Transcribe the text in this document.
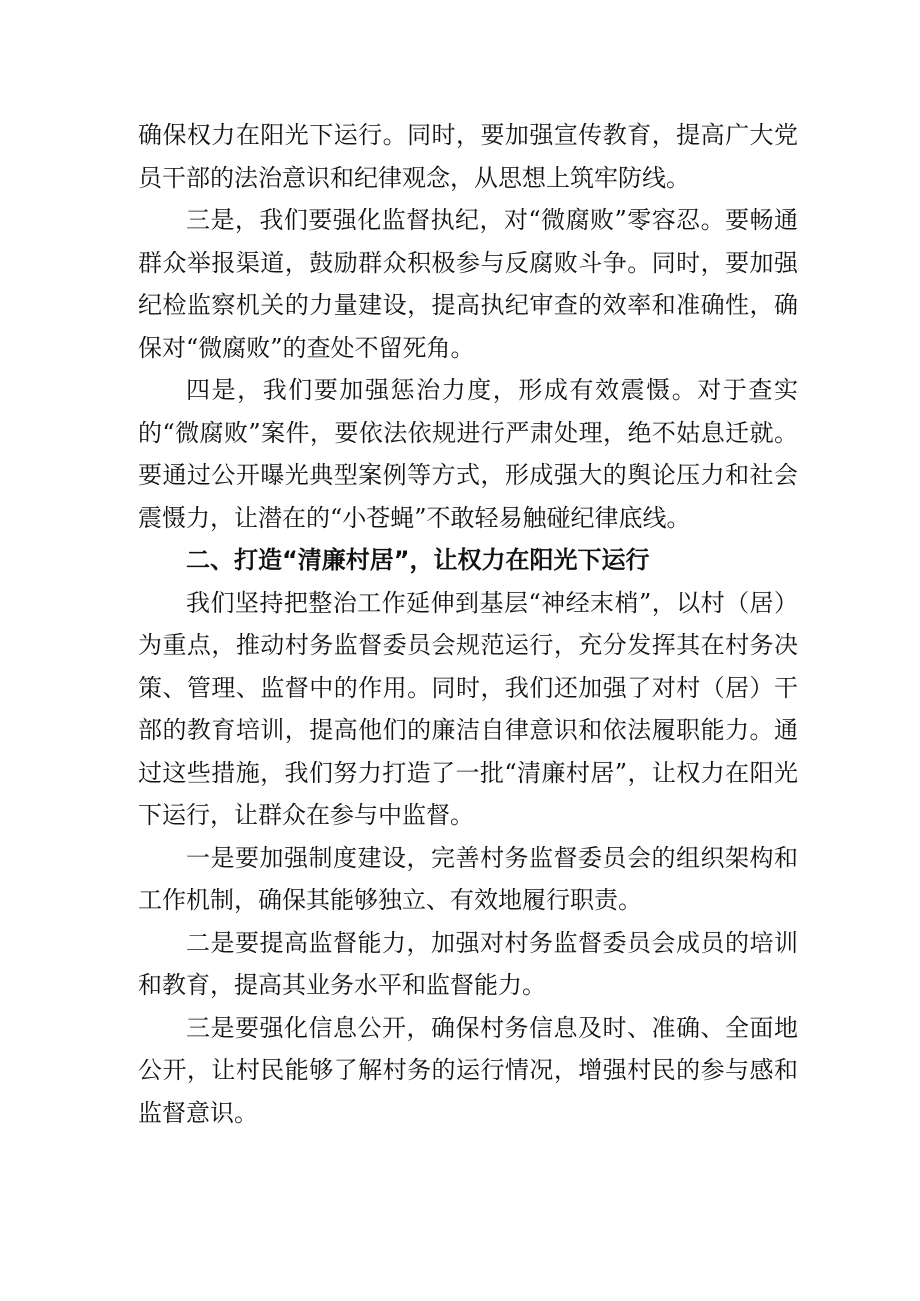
确保权力在阳光下运行。同时，要加强宣传教育，提高广大党员干部的法治意识和纪律观念，从思想上筑牢防线。

三是，我们要强化监督执纪，对“微腐败”零容忍。要畅通群众举报渠道，鼓励群众积极参与反腐败斗争。同时，要加强纪检监察机关的力量建设，提高执纪审查的效率和准确性，确保对“微腐败”的查处不留死角。

四是，我们要加强惩治力度，形成有效震慑。对于查实的“微腐败”案件，要依法依规进行严肃处理，绝不姑息迁就。要通过公开曝光典型案例等方式，形成强大的舆论压力和社会震慑力，让潜在的“小苍蝇”不敢轻易触碰纪律底线。

二、打造“清廉村居”，让权力在阳光下运行

我们坚持把整治工作延伸到基层“神经末梢”，以村（居）为重点，推动村务监督委员会规范运行，充分发挥其在村务决策、管理、监督中的作用。同时，我们还加强了对村（居）干部的教育培训，提高他们的廉洁自律意识和依法履职能力。通过这些措施，我们努力打造了一批“清廉村居”，让权力在阳光下运行，让群众在参与中监督。

一是要加强制度建设，完善村务监督委员会的组织架构和工作机制，确保其能够独立、有效地履行职责。

二是要提高监督能力，加强对村务监督委员会成员的培训和教育，提高其业务水平和监督能力。

三是要强化信息公开，确保村务信息及时、准确、全面地公开，让村民能够了解村务的运行情况，增强村民的参与感和监督意识。
